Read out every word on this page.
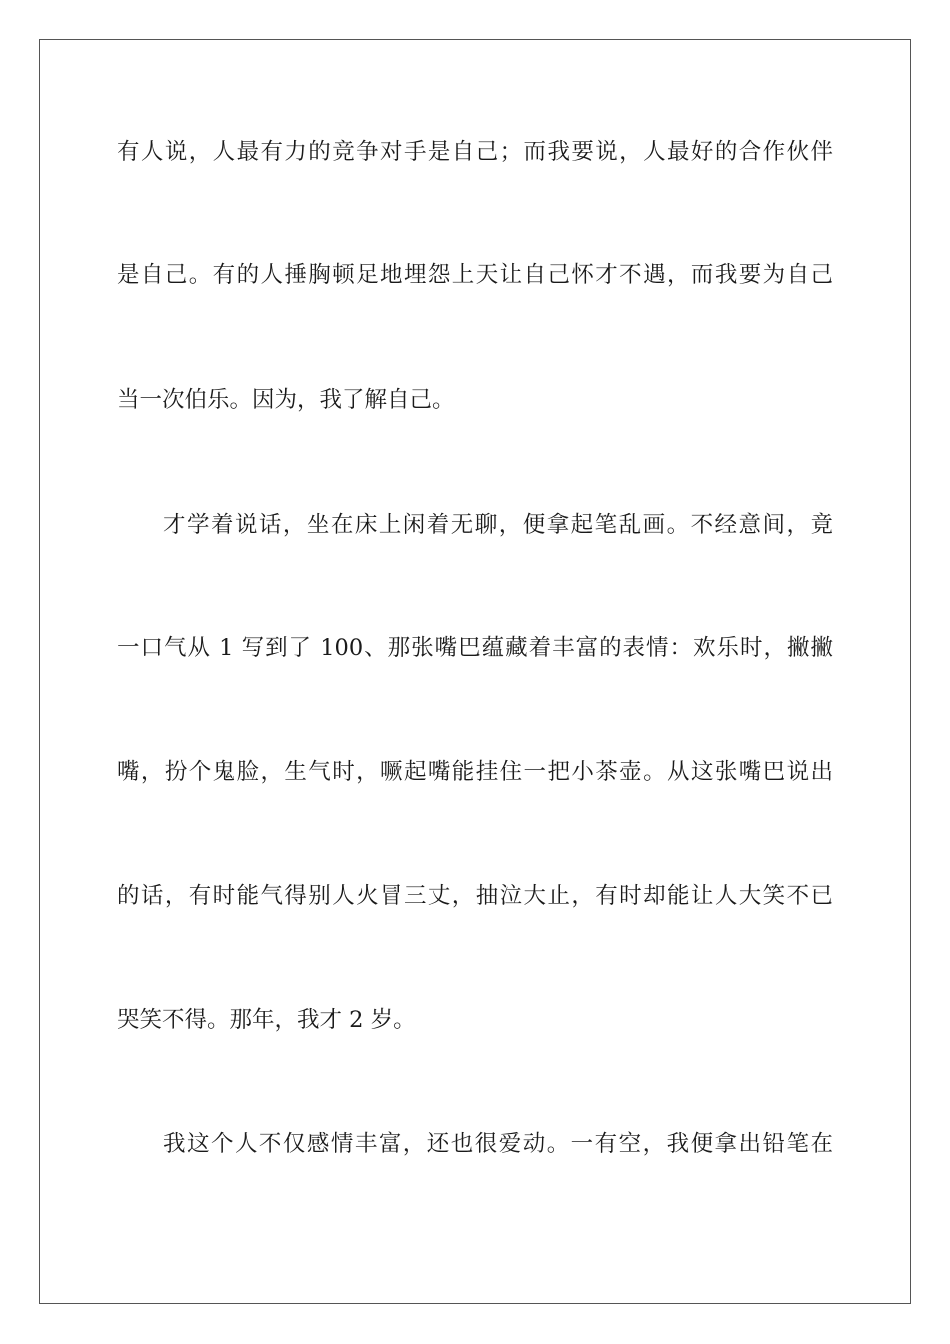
有人说，人最有力的竞争对手是自己；而我要说，人最好的合作伙伴
是自己。有的人捶胸顿足地埋怨上天让自己怀才不遇，而我要为自己
当一次伯乐。因为，我了解自己。
才学着说话，坐在床上闲着无聊，便拿起笔乱画。不经意间，竟
一口气从 1 写到了 100、那张嘴巴蕴藏着丰富的表情：欢乐时，撇撇
嘴，扮个鬼脸，生气时，噘起嘴能挂住一把小茶壶。从这张嘴巴说出
的话，有时能气得别人火冒三丈，抽泣大止，有时却能让人大笑不已
哭笑不得。那年，我才 2 岁。
我这个人不仅感情丰富，还也很爱动。一有空，我便拿出铅笔在
